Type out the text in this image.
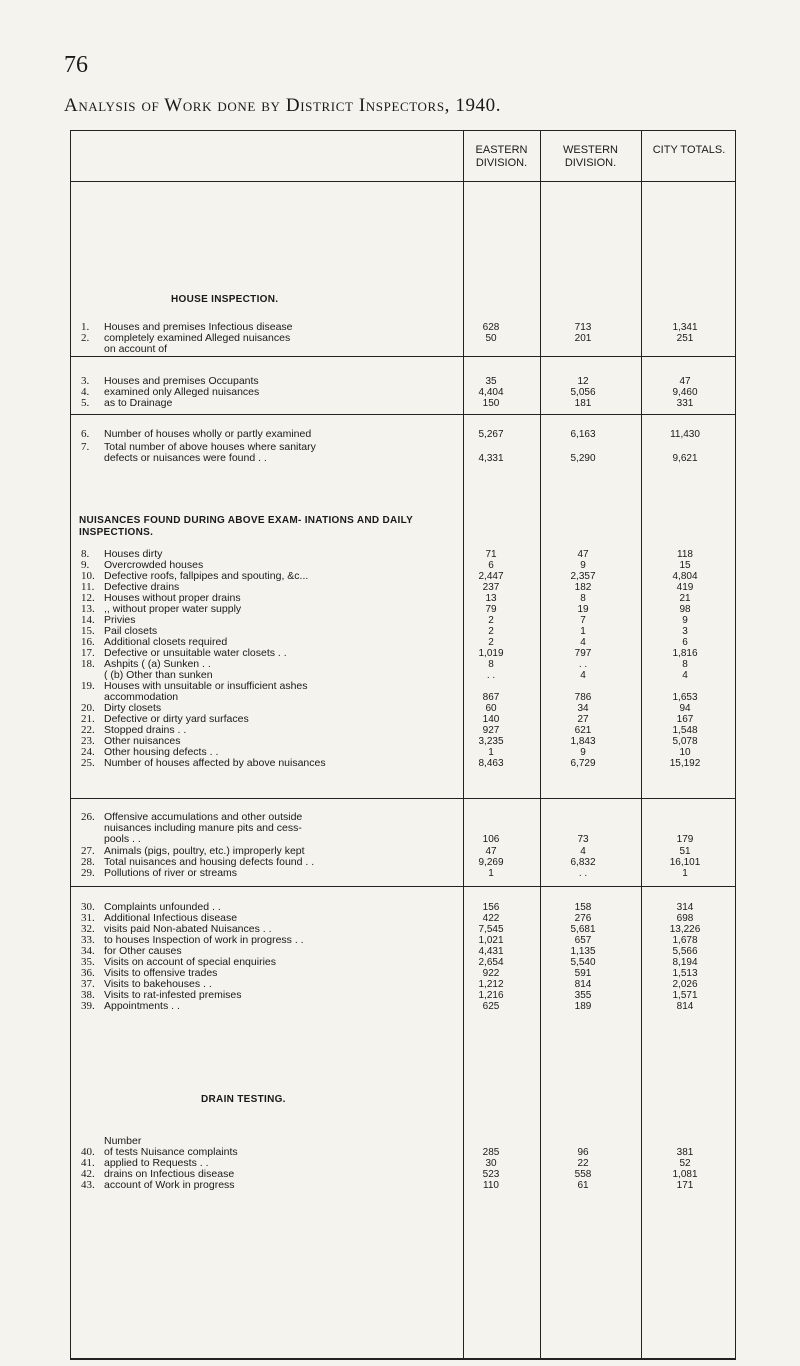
76
Analysis of Work done by District Inspectors, 1940.
EASTERN DIVISION.
WESTERN DIVISION.
CITY TOTALS.
HOUSE INSPECTION.
NUISANCES FOUND DURING ABOVE EXAM- INATIONS AND DAILY INSPECTIONS.
DRAIN TESTING.
1.	Houses and premises Infectious disease	628	713	1,341
2.	completely examined Alleged nuisances	50	201	251
on account of
3.	Houses and premises Occupants	35	12	47
4.	examined only Alleged nuisances	4,404	5,056	9,460
5.	as to Drainage	150	181	331
6.	Number of houses wholly or partly examined	5,267	6,163	11,430
7.	Total number of above houses where sanitary
defects or nuisances were found . .	4,331	5,290	9,621
8.	Houses dirty	71	47	118
9.	Overcrowded houses	6	9	15
10. Defective roofs, fallpipes and spouting, &c...	2,447	2,357	4,804
11. Defective drains	237	182	419
12. Houses without proper drains	13	8	21
13. ,, without proper water supply	79	19	98
14. Privies	2	7	9
15. Pail closets	2	1	3
16. Additional closets required	2	4	6
17. Defective or unsuitable water closets . .	1,019	797	1,816
18. Ashpits ( (a) Sunken . .	8	. .	8
( (b) Other than sunken	. .	4	4
19. Houses with unsuitable or insufficient ashes
accommodation	867	786	1,653
20. Dirty closets	60	34	94
21. Defective or dirty yard surfaces	140	27	167
22. Stopped drains . .	927	621	1,548
23. Other nuisances	3,235	1,843	5,078
24. Other housing defects . .	1	9	10
25. Number of houses affected by above nuisances	8,463	6,729	15,192
26. Offensive accumulations and other outside
nuisances including manure pits and cess-
pools . .	106	73	179
27. Animals (pigs, poultry, etc.) improperly kept	47	4	51
28. Total nuisances and housing defects found . .	9,269	6,832	16,101
29. Pollutions of river or streams	1	. .	1
30. Complaints unfounded . .	156	158	314
31. Additional Infectious disease	422	276	698
32. visits paid Non-abated Nuisances . .	7,545	5,681	13,226
33. to houses Inspection of work in progress . .	1,021	657	1,678
34. for Other causes	4,431	1,135	5,566
35. Visits on account of special enquiries	2,654	5,540	8,194
36. Visits to offensive trades	922	591	1,513
37. Visits to bakehouses . .	1,212	814	2,026
38. Visits to rat-infested premises	1,216	355	1,571
39. Appointments . .	625	189	814
Number
40. of tests Nuisance complaints	285	96	381
41. applied to Requests . .	30	22	52
42. drains on Infectious disease	523	558	1,081
43. account of Work in progress	110	61	171
